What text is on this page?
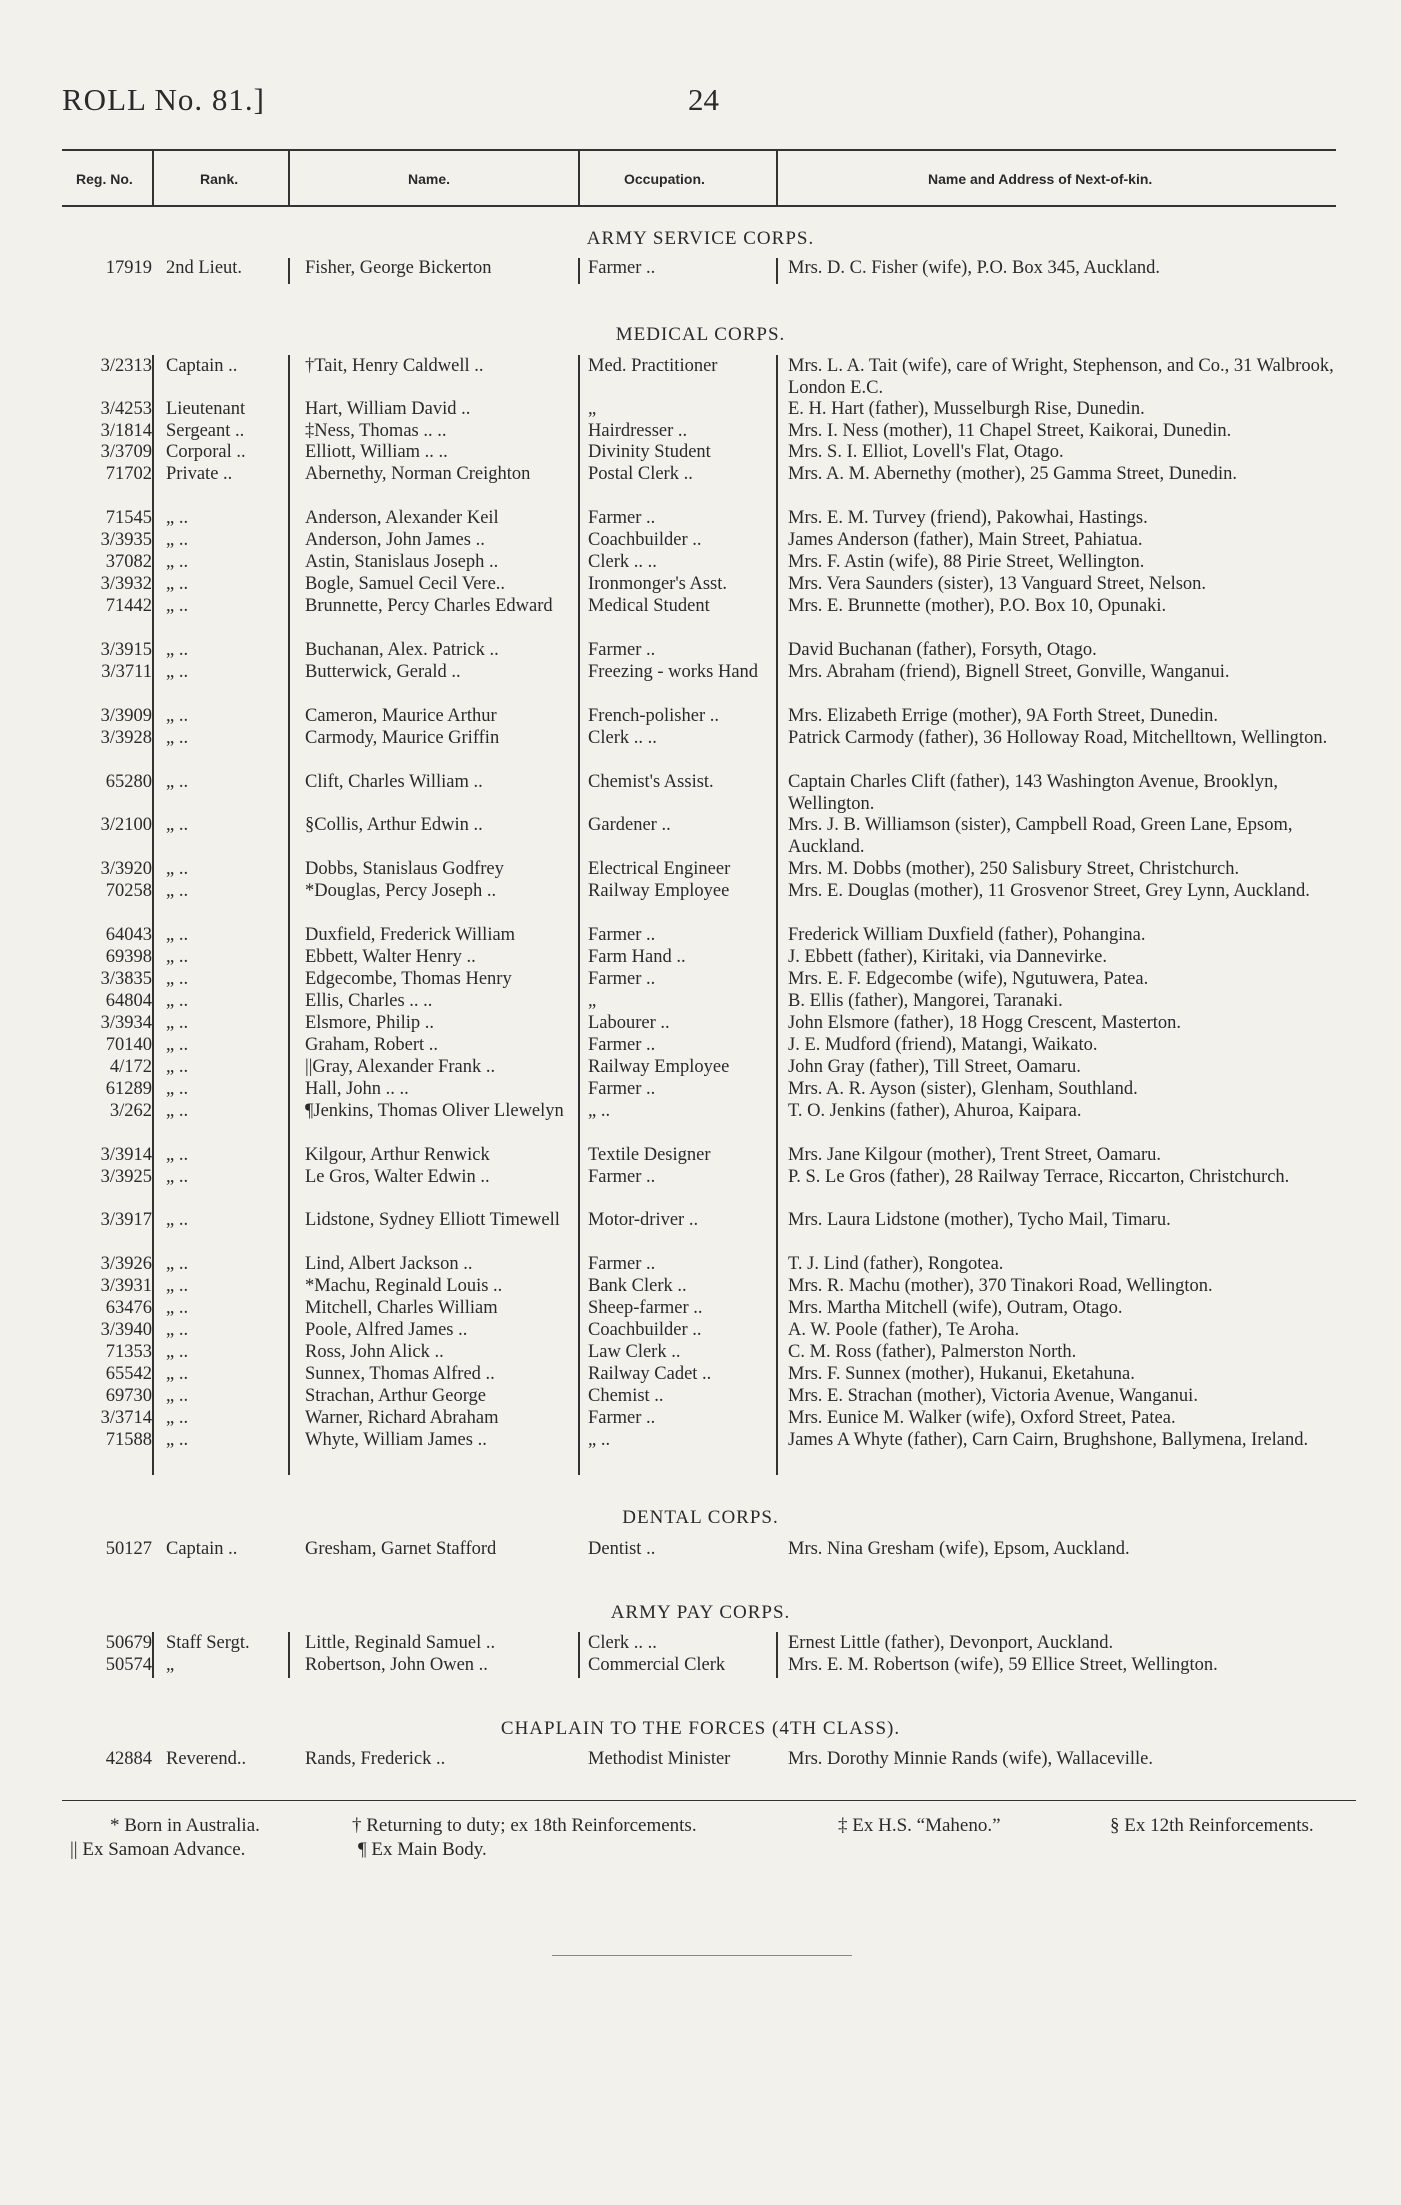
ROLL No. 81.]	24
Reg. No.	Rank.	Name.	Occupation.	Name and Address of Next-of-kin.
ARMY SERVICE CORPS.
MEDICAL CORPS.
DENTAL CORPS.
ARMY PAY CORPS.
CHAPLAIN TO THE FORCES (4TH CLASS).
17919 2nd Lieut.	Fisher, George Bickerton	Farmer ..	Mrs. D. C. Fisher (wife), P.O. Box 345, Auckland.
3/2313 Captain ..	†Tait, Henry Caldwell ..	Med. Practitioner	Mrs. L. A. Tait (wife), care of Wright, Stephenson, and Co., 31 Walbrook, London E.C.
3/4253 Lieutenant	Hart, William David ..	„	E. H. Hart (father), Musselburgh Rise, Dunedin.
3/1814 Sergeant ..	‡Ness, Thomas .. ..	Hairdresser ..	Mrs. I. Ness (mother), 11 Chapel Street, Kaikorai, Dunedin.
3/3709 Corporal ..	Elliott, William .. ..	Divinity Student	Mrs. S. I. Elliot, Lovell's Flat, Otago.
71702 Private ..	Abernethy, Norman Creighton	Postal Clerk ..	Mrs. A. M. Abernethy (mother), 25 Gamma Street, Dunedin.
71545 „ ..	Anderson, Alexander Keil	Farmer ..	Mrs. E. M. Turvey (friend), Pakowhai, Hastings.
3/3935 „ ..	Anderson, John James ..	Coachbuilder ..	James Anderson (father), Main Street, Pahiatua.
37082 „ ..	Astin, Stanislaus Joseph ..	Clerk .. ..	Mrs. F. Astin (wife), 88 Pirie Street, Wellington.
3/3932 „ ..	Bogle, Samuel Cecil Vere..	Ironmonger's Asst.	Mrs. Vera Saunders (sister), 13 Vanguard Street, Nelson.
71442 „ ..	Brunnette, Percy Charles Edward	Medical Student	Mrs. E. Brunnette (mother), P.O. Box 10, Opunaki.
3/3915 „ ..	Buchanan, Alex. Patrick ..	Farmer ..	David Buchanan (father), Forsyth, Otago.
3/3711 „ ..	Butterwick, Gerald ..	Freezing - works Hand	Mrs. Abraham (friend), Bignell Street, Gonville, Wanganui.
3/3909 „ ..	Cameron, Maurice Arthur	French-polisher ..	Mrs. Elizabeth Errige (mother), 9A Forth Street, Dunedin.
3/3928 „ ..	Carmody, Maurice Griffin	Clerk .. ..	Patrick Carmody (father), 36 Holloway Road, Mitchelltown, Wellington.
65280 „ ..	Clift, Charles William ..	Chemist's Assist.	Captain Charles Clift (father), 143 Washington Avenue, Brooklyn, Wellington.
3/2100 „ ..	§Collis, Arthur Edwin ..	Gardener ..	Mrs. J. B. Williamson (sister), Campbell Road, Green Lane, Epsom, Auckland.
3/3920 „ ..	Dobbs, Stanislaus Godfrey	Electrical Engineer	Mrs. M. Dobbs (mother), 250 Salisbury Street, Christchurch.
70258 „ ..	*Douglas, Percy Joseph ..	Railway Employee	Mrs. E. Douglas (mother), 11 Grosvenor Street, Grey Lynn, Auckland.
64043 „ ..	Duxfield, Frederick William	Farmer ..	Frederick William Duxfield (father), Pohangina.
69398 „ ..	Ebbett, Walter Henry ..	Farm Hand ..	J. Ebbett (father), Kiritaki, via Dannevirke.
3/3835 „ ..	Edgecombe, Thomas Henry	Farmer ..	Mrs. E. F. Edgecombe (wife), Ngutuwera, Patea.
64804 „ ..	Ellis, Charles .. ..	„	B. Ellis (father), Mangorei, Taranaki.
3/3934 „ ..	Elsmore, Philip ..	Labourer ..	John Elsmore (father), 18 Hogg Crescent, Masterton.
70140 „ ..	Graham, Robert ..	Farmer ..	J. E. Mudford (friend), Matangi, Waikato.
4/172 „ ..	||Gray, Alexander Frank ..	Railway Employee	John Gray (father), Till Street, Oamaru.
61289 „ ..	Hall, John .. ..	Farmer ..	Mrs. A. R. Ayson (sister), Glenham, Southland.
3/262 „ ..	¶Jenkins, Thomas Oliver Llewelyn	„ ..	T. O. Jenkins (father), Ahuroa, Kaipara.
3/3914 „ ..	Kilgour, Arthur Renwick	Textile Designer	Mrs. Jane Kilgour (mother), Trent Street, Oamaru.
3/3925 „ ..	Le Gros, Walter Edwin ..	Farmer ..	P. S. Le Gros (father), 28 Railway Terrace, Riccarton, Christchurch.
3/3917 „ ..	Lidstone, Sydney Elliott Timewell	Motor-driver ..	Mrs. Laura Lidstone (mother), Tycho Mail, Timaru.
3/3926 „ ..	Lind, Albert Jackson ..	Farmer ..	T. J. Lind (father), Rongotea.
3/3931 „ ..	*Machu, Reginald Louis ..	Bank Clerk ..	Mrs. R. Machu (mother), 370 Tinakori Road, Wellington.
63476 „ ..	Mitchell, Charles William	Sheep-farmer ..	Mrs. Martha Mitchell (wife), Outram, Otago.
3/3940 „ ..	Poole, Alfred James ..	Coachbuilder ..	A. W. Poole (father), Te Aroha.
71353 „ ..	Ross, John Alick ..	Law Clerk ..	C. M. Ross (father), Palmerston North.
65542 „ ..	Sunnex, Thomas Alfred ..	Railway Cadet ..	Mrs. F. Sunnex (mother), Hukanui, Eketahuna.
69730 „ ..	Strachan, Arthur George	Chemist ..	Mrs. E. Strachan (mother), Victoria Avenue, Wanganui.
3/3714 „ ..	Warner, Richard Abraham	Farmer ..	Mrs. Eunice M. Walker (wife), Oxford Street, Patea.
71588 „ ..	Whyte, William James ..	„ ..	James A Whyte (father), Carn Cairn, Brughshone, Ballymena, Ireland.
50127 Captain ..	Gresham, Garnet Stafford	Dentist ..	Mrs. Nina Gresham (wife), Epsom, Auckland.
50679 Staff Sergt.	Little, Reginald Samuel ..	Clerk .. ..	Ernest Little (father), Devonport, Auckland.
50574 „	Robertson, John Owen ..	Commercial Clerk	Mrs. E. M. Robertson (wife), 59 Ellice Street, Wellington.
42884 Reverend..	Rands, Frederick ..	Methodist Minister	Mrs. Dorothy Minnie Rands (wife), Wallaceville.
* Born in Australia.	† Returning to duty; ex 18th Reinforcements.	‡ Ex H.S. “Maheno.”	§ Ex 12th Reinforcements.
|| Ex Samoan Advance.	¶ Ex Main Body.
